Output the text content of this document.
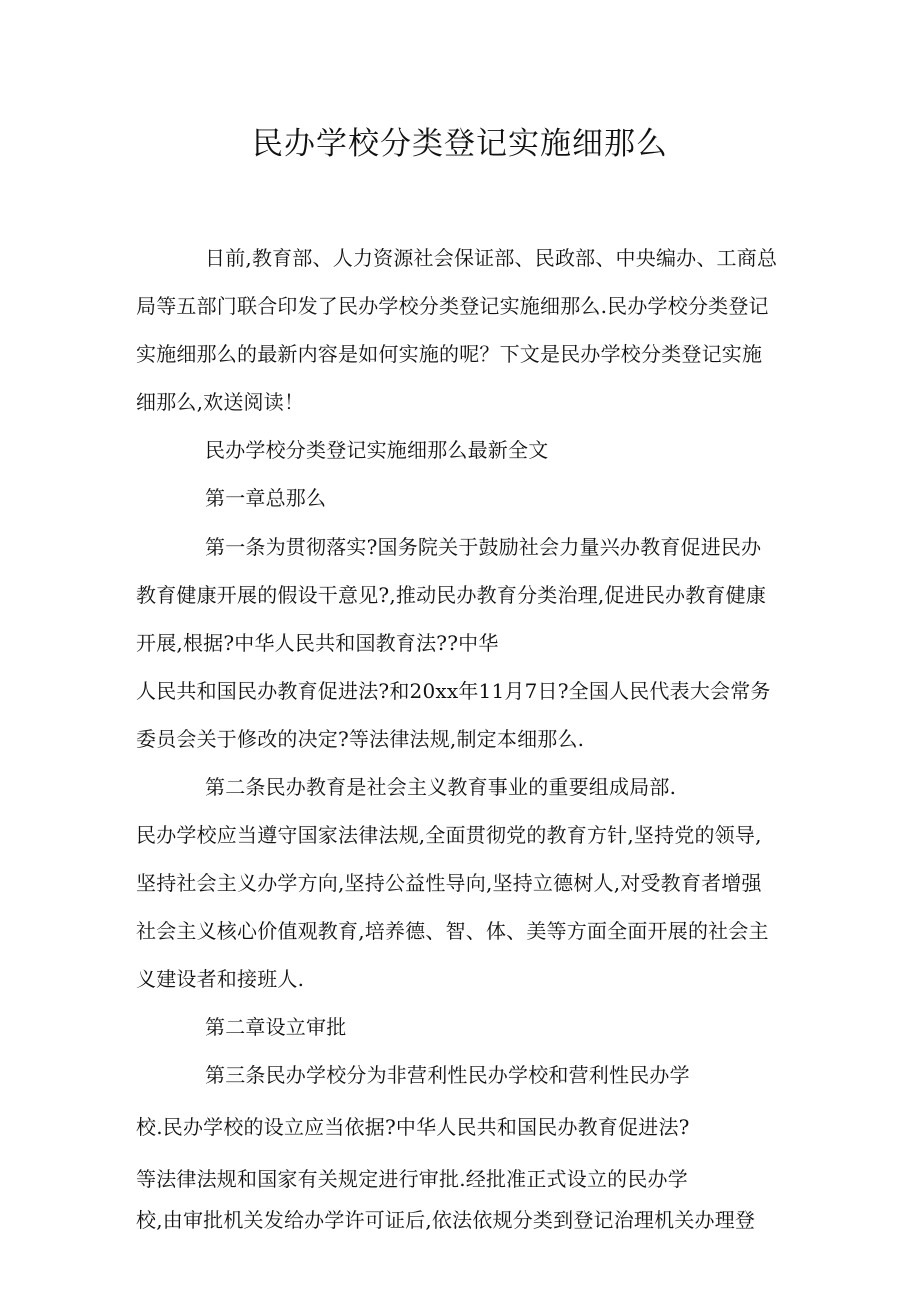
民办学校分类登记实施细那么
日前,教育部、人力资源社会保证部、民政部、中央编办、工商总
局等五部门联合印发了民办学校分类登记实施细那么.民办学校分类登记
实施细那么的最新内容是如何实施的呢？下文是民办学校分类登记实施
细那么,欢送阅读！
民办学校分类登记实施细那么最新全文
第一章总那么
第一条为贯彻落实?国务院关于鼓励社会力量兴办教育促进民办
教育健康开展的假设干意见?,推动民办教育分类治理,促进民办教育健康
开展,根据?中华人民共和国教育法??中华
人民共和国民办教育促进法?和20xx年11月7日?全国人民代表大会常务
委员会关于修改的决定?等法律法规,制定本细那么.
第二条民办教育是社会主义教育事业的重要组成局部.
民办学校应当遵守国家法律法规,全面贯彻党的教育方针,坚持党的领导,
坚持社会主义办学方向,坚持公益性导向,坚持立德树人,对受教育者增强
社会主义核心价值观教育,培养德、智、体、美等方面全面开展的社会主
义建设者和接班人.
第二章设立审批
第三条民办学校分为非营利性民办学校和营利性民办学
校.民办学校的设立应当依据?中华人民共和国民办教育促进法?
等法律法规和国家有关规定进行审批.经批准正式设立的民办学
校,由审批机关发给办学许可证后,依法依规分类到登记治理机关办理登
